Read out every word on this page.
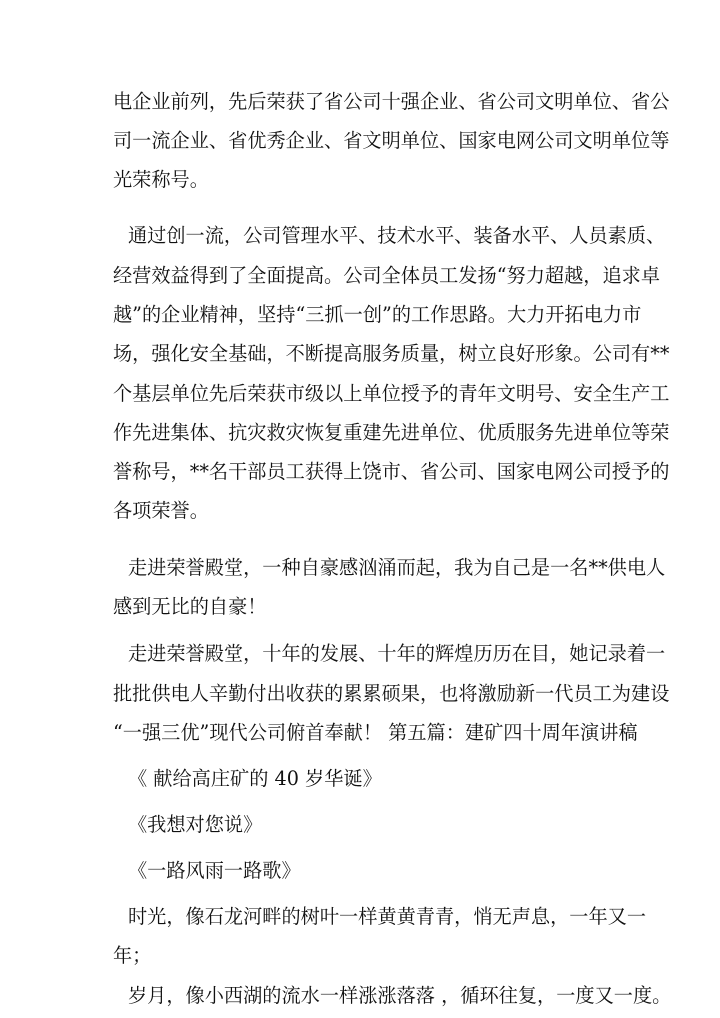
电企业前列，先后荣获了省公司十强企业、省公司文明单位、省公
司一流企业、省优秀企业、省文明单位、国家电网公司文明单位等
光荣称号。
通过创一流，公司管理水平、技术水平、装备水平、人员素质、
经营效益得到了全面提高。公司全体员工发扬“努力超越，追求卓
越”的企业精神，坚持“三抓一创”的工作思路。大力开拓电力市
场，强化安全基础，不断提高服务质量，树立良好形象。公司有**
个基层单位先后荣获市级以上单位授予的青年文明号、安全生产工
作先进集体、抗灾救灾恢复重建先进单位、优质服务先进单位等荣
誉称号，**名干部员工获得上饶市、省公司、国家电网公司授予的
各项荣誉。
走进荣誉殿堂，一种自豪感汹涌而起，我为自己是一名**供电人
感到无比的自豪！
走进荣誉殿堂，十年的发展、十年的辉煌历历在目，她记录着一
批批供电人辛勤付出收获的累累硕果，也将激励新一代员工为建设
“一强三优”现代公司俯首奉献！ 第五篇：建矿四十周年演讲稿
《 献给高庄矿的 40 岁华诞》
《我想对您说》
《一路风雨一路歌》
时光，像石龙河畔的树叶一样黄黄青青，悄无声息，一年又一
年；
岁月，像小西湖的流水一样涨涨落落 ，循环往复，一度又一度。
